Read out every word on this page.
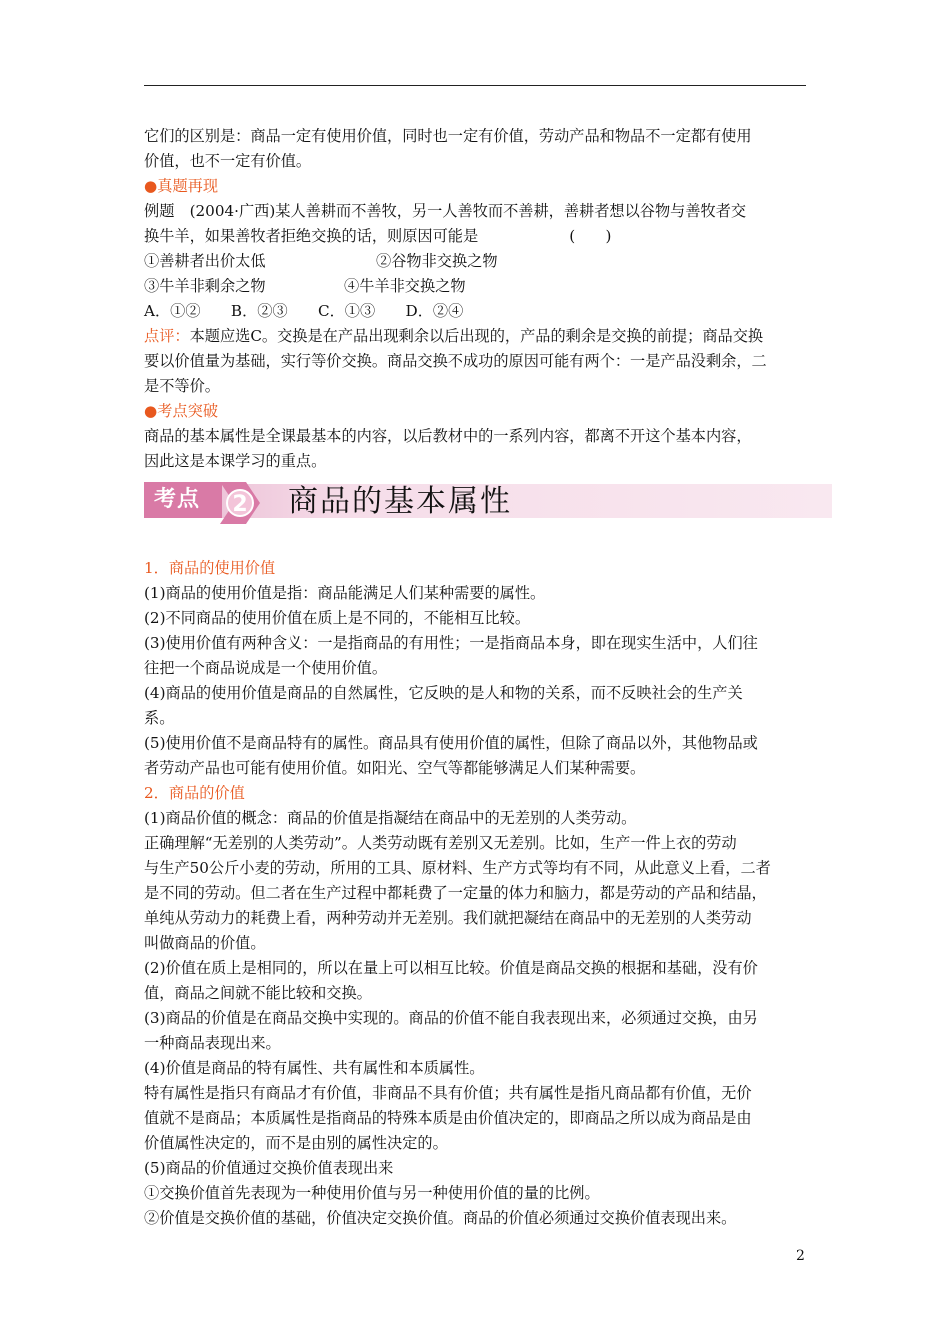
它们的区别是：商品一定有使用价值，同时也一定有价值，劳动产品和物品不一定都有使用
价值，也不一定有价值。
●真题再现
例题　(2004·广西)某人善耕而不善牧，另一人善牧而不善耕，善耕者想以谷物与善牧者交
换牛羊，如果善牧者拒绝交换的话，则原因可能是　　　　　　(　　)
①善耕者出价太低	②谷物非交换之物
③牛羊非剩余之物	④牛羊非交换之物
A．①②　　B．②③　　C．①③　　D．②④
点评：本题应选C。交换是在产品出现剩余以后出现的，产品的剩余是交换的前提；商品交换
要以价值量为基础，实行等价交换。商品交换不成功的原因可能有两个：一是产品没剩余，二
是不等价。
●考点突破
商品的基本属性是全课最基本的内容，以后教材中的一系列内容，都离不开这个基本内容，
因此这是本课学习的重点。
考点	2 商品的基本属性
1．商品的使用价值
(1)商品的使用价值是指：商品能满足人们某种需要的属性。
(2)不同商品的使用价值在质上是不同的，不能相互比较。
(3)使用价值有两种含义：一是指商品的有用性；一是指商品本身，即在现实生活中，人们往
往把一个商品说成是一个使用价值。
(4)商品的使用价值是商品的自然属性，它反映的是人和物的关系，而不反映社会的生产关
系。
(5)使用价值不是商品特有的属性。商品具有使用价值的属性，但除了商品以外，其他物品或
者劳动产品也可能有使用价值。如阳光、空气等都能够满足人们某种需要。
2．商品的价值
(1)商品价值的概念：商品的价值是指凝结在商品中的无差别的人类劳动。
正确理解“无差别的人类劳动”。人类劳动既有差别又无差别。比如，生产一件上衣的劳动
与生产50公斤小麦的劳动，所用的工具、原材料、生产方式等均有不同，从此意义上看，二者
是不同的劳动。但二者在生产过程中都耗费了一定量的体力和脑力，都是劳动的产品和结晶，
单纯从劳动力的耗费上看，两种劳动并无差别。我们就把凝结在商品中的无差别的人类劳动
叫做商品的价值。
(2)价值在质上是相同的，所以在量上可以相互比较。价值是商品交换的根据和基础，没有价
值，商品之间就不能比较和交换。
(3)商品的价值是在商品交换中实现的。商品的价值不能自我表现出来，必须通过交换，由另
一种商品表现出来。
(4)价值是商品的特有属性、共有属性和本质属性。
特有属性是指只有商品才有价值，非商品不具有价值；共有属性是指凡商品都有价值，无价
值就不是商品；本质属性是指商品的特殊本质是由价值决定的，即商品之所以成为商品是由
价值属性决定的，而不是由别的属性决定的。
(5)商品的价值通过交换价值表现出来
①交换价值首先表现为一种使用价值与另一种使用价值的量的比例。
②价值是交换价值的基础，价值决定交换价值。商品的价值必须通过交换价值表现出来。
2
